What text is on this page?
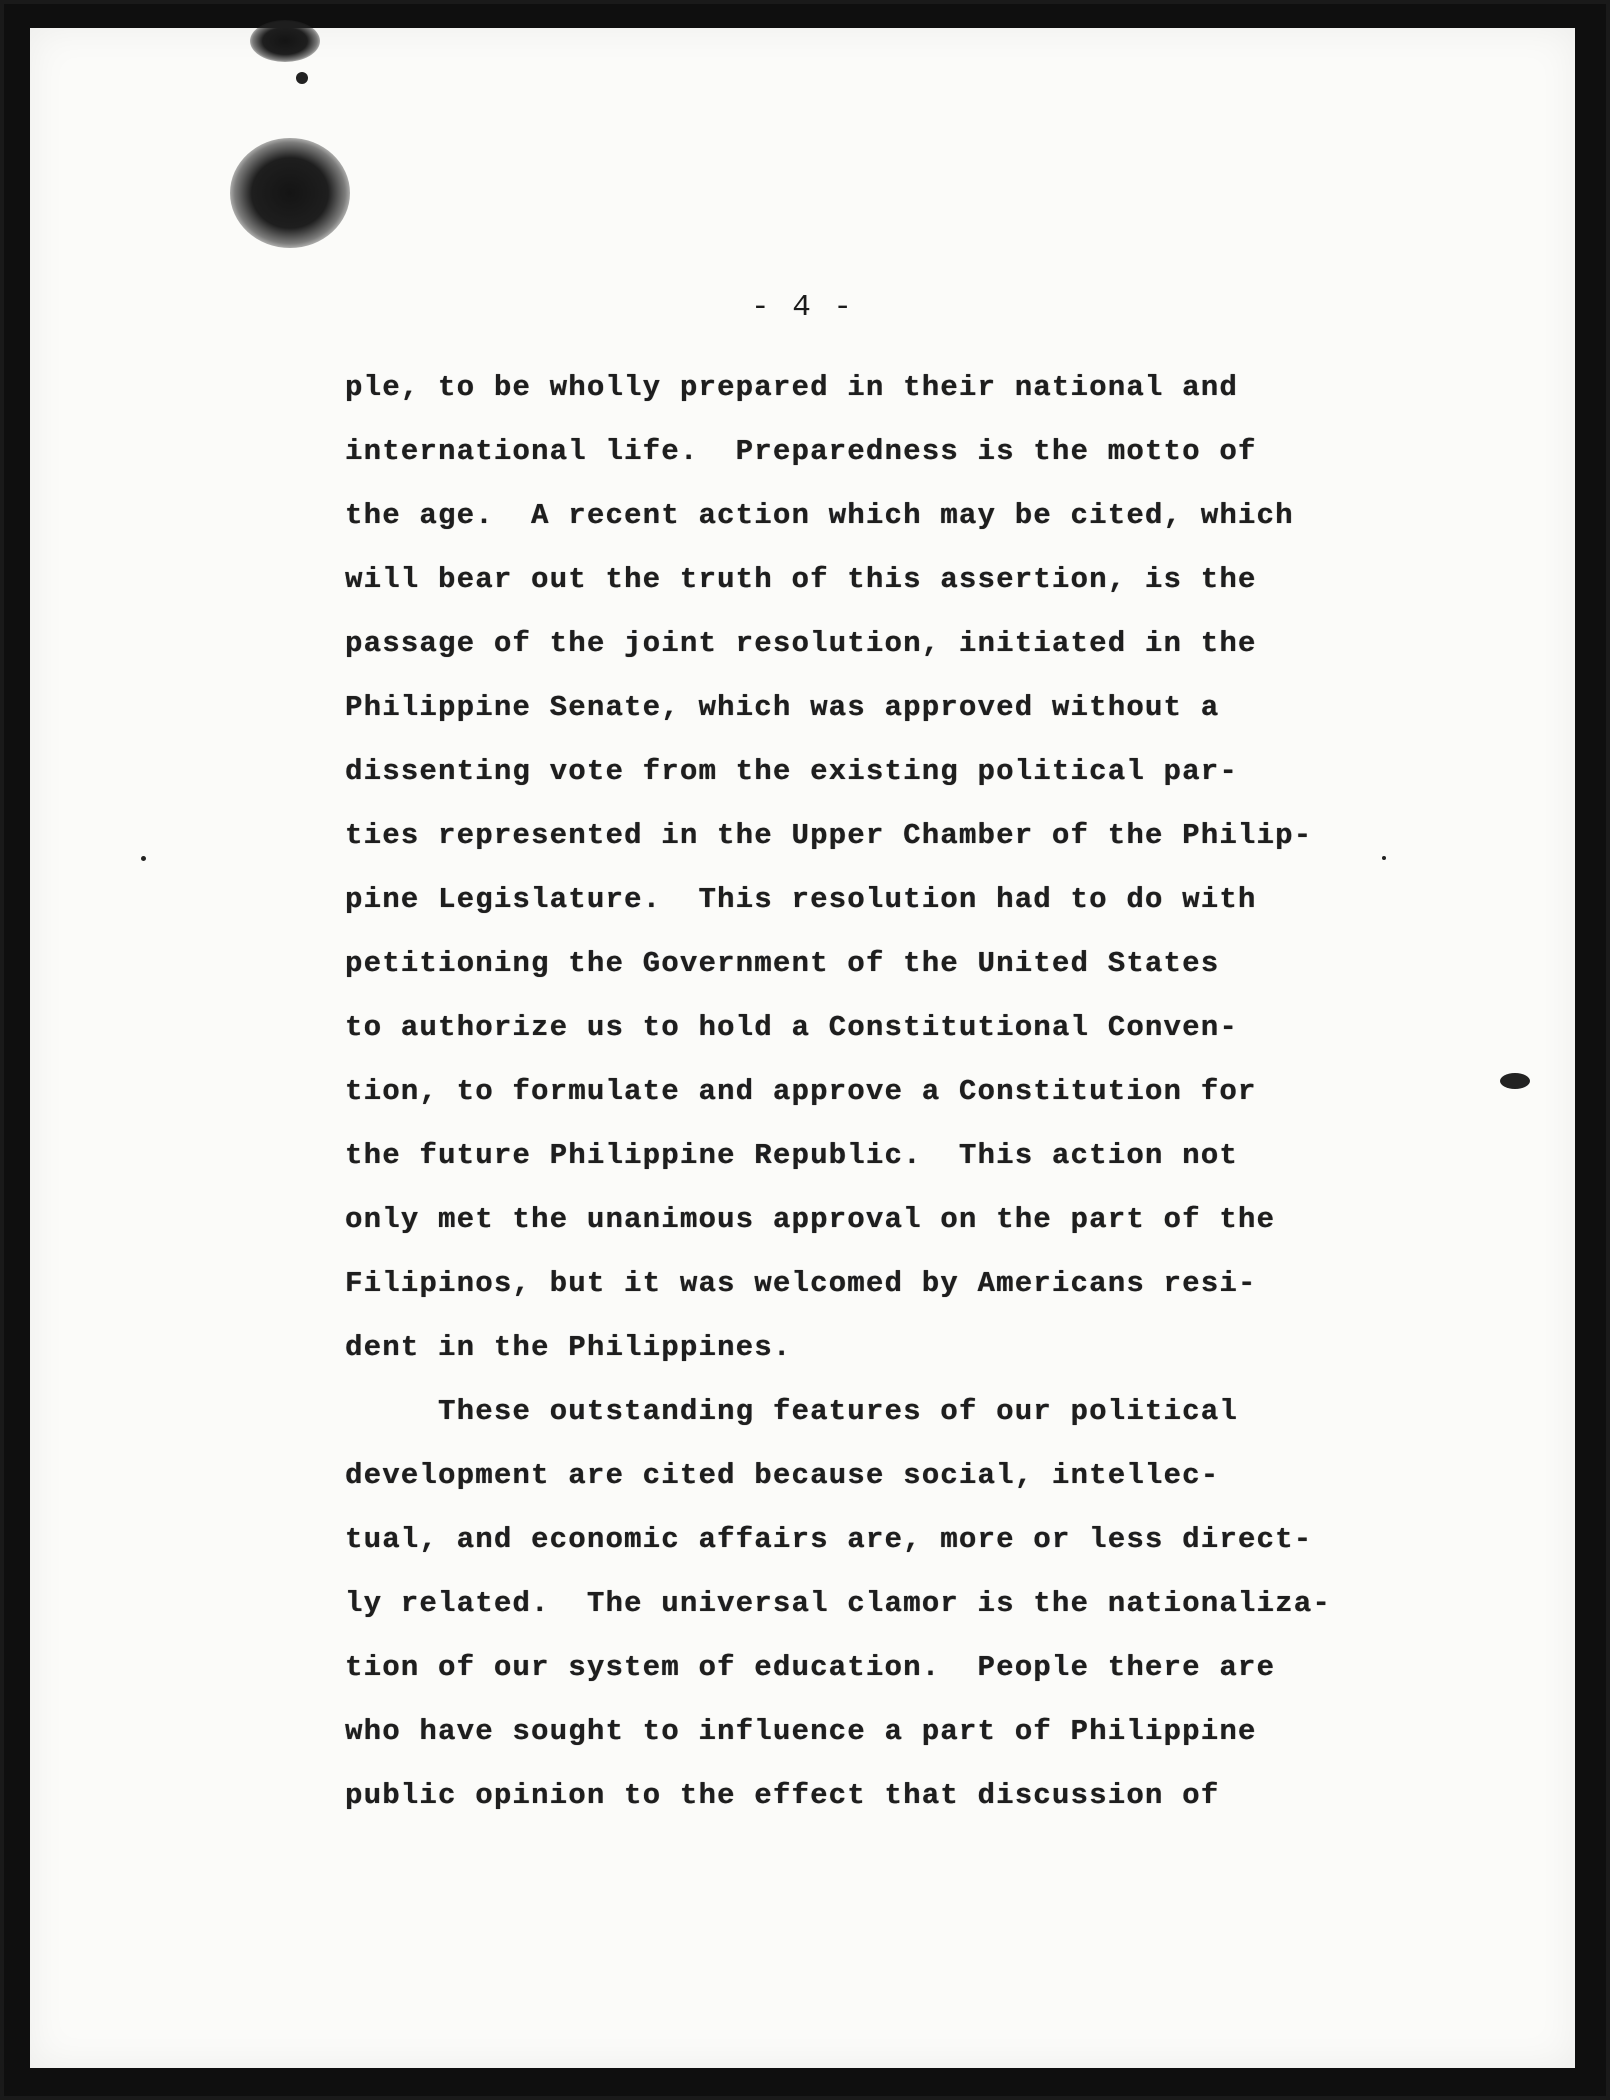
- 4 -
ple, to be wholly prepared in their national and
international life.  Preparedness is the motto of
the age.  A recent action which may be cited, which
will bear out the truth of this assertion, is the
passage of the joint resolution, initiated in the
Philippine Senate, which was approved without a
dissenting vote from the existing political par-
ties represented in the Upper Chamber of the Philip-
pine Legislature.  This resolution had to do with
petitioning the Government of the United States
to authorize us to hold a Constitutional Conven-
tion, to formulate and approve a Constitution for
the future Philippine Republic.  This action not
only met the unanimous approval on the part of the
Filipinos, but it was welcomed by Americans resi-
dent in the Philippines.
These outstanding features of our political
development are cited because social, intellec-
tual, and economic affairs are, more or less direct-
ly related.  The universal clamor is the nationaliza-
tion of our system of education.  People there are
who have sought to influence a part of Philippine
public opinion to the effect that discussion of
